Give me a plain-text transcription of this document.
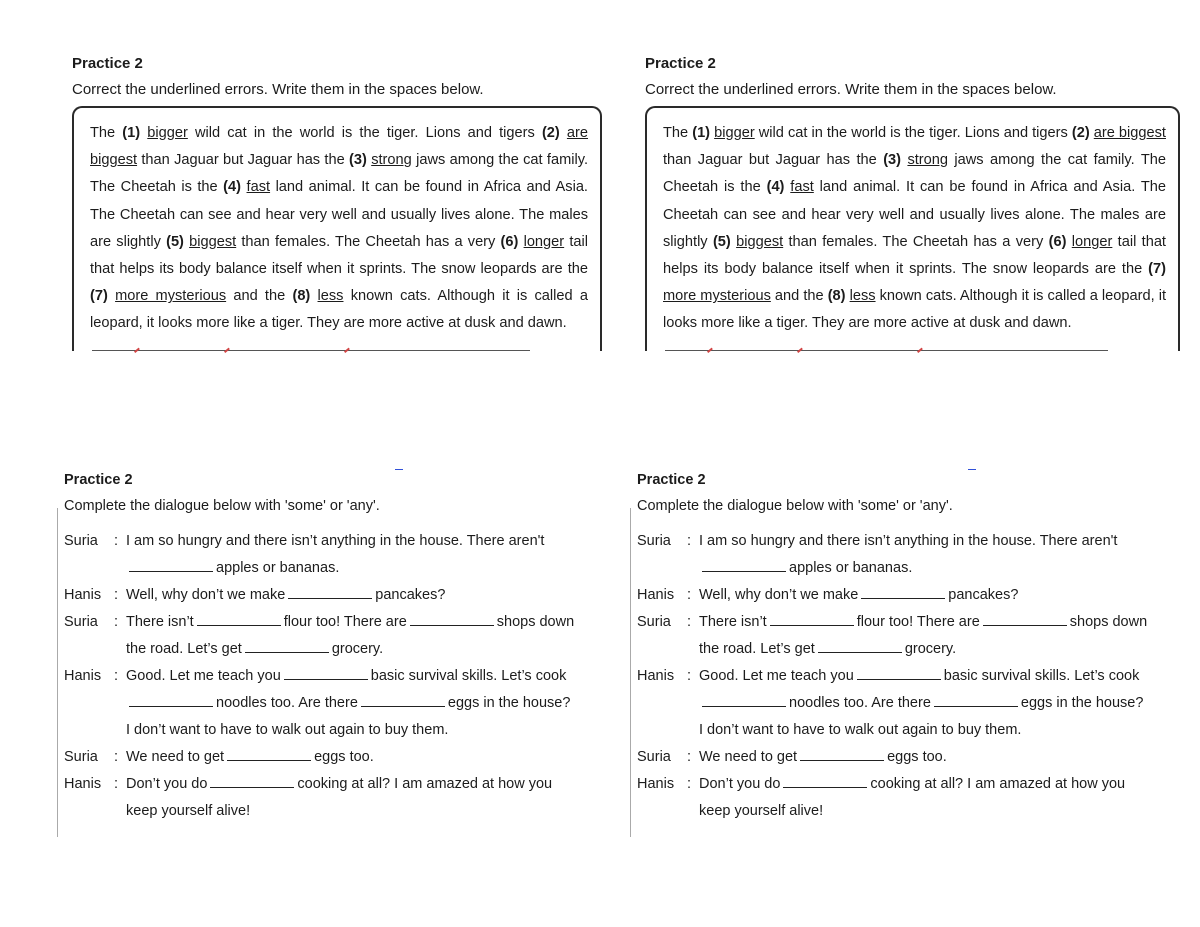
Practice 2
Correct the underlined errors. Write them in the spaces below.

The (1) bigger wild cat in the world is the tiger. Lions and tigers (2) are biggest than Jaguar but Jaguar has the (3) strong jaws among the cat family. The Cheetah is the (4) fast land animal. It can be found in Africa and Asia. The Cheetah can see and hear very well and usually lives alone. The males are slightly (5) biggest than females. The Cheetah has a very (6) longer tail that helps its body balance itself when it sprints. The snow leopards are the (7) more mysterious and the (8) less known cats. Although it is called a leopard, it looks more like a tiger. They are more active at dusk and dawn.

Practice 2
Correct the underlined errors. Write them in the spaces below.

The (1) bigger wild cat in the world is the tiger. Lions and tigers (2) are biggest than Jaguar but Jaguar has the (3) strong jaws among the cat family. The Cheetah is the (4) fast land animal. It can be found in Africa and Asia. The Cheetah can see and hear very well and usually lives alone. The males are slightly (5) biggest than females. The Cheetah has a very (6) longer tail that helps its body balance itself when it sprints. The snow leopards are the (7) more mysterious and the (8) less known cats. Although it is called a leopard, it looks more like a tiger. They are more active at dusk and dawn.

Practice 2
Complete the dialogue below with 'some' or 'any'.
Suria	: I am so hungry and there isn’t anything in the house. There aren't
apples or bananas.
Hanis : Well, why don’t we make	pancakes?
Suria	: There isn’t	flour too! There are	shops down
the road. Let’s get	grocery.
Hanis : Good. Let me teach you	basic survival skills. Let’s cook
noodles too. Are there	eggs in the house?
I don’t want to have to walk out again to buy them.
Suria	: We need to get	eggs too.
Hanis : Don’t you do	cooking at all? I am amazed at how you
keep yourself alive!
Practice 2
Complete the dialogue below with 'some' or 'any'.
Suria	: I am so hungry and there isn’t anything in the house. There aren't
apples or bananas.
Hanis : Well, why don’t we make	pancakes?
Suria	: There isn’t	flour too! There are	shops down
the road. Let’s get	grocery.
Hanis : Good. Let me teach you	basic survival skills. Let’s cook
noodles too. Are there	eggs in the house?
I don’t want to have to walk out again to buy them.
Suria	: We need to get	eggs too.
Hanis : Don’t you do	cooking at all? I am amazed at how you
keep yourself alive!
